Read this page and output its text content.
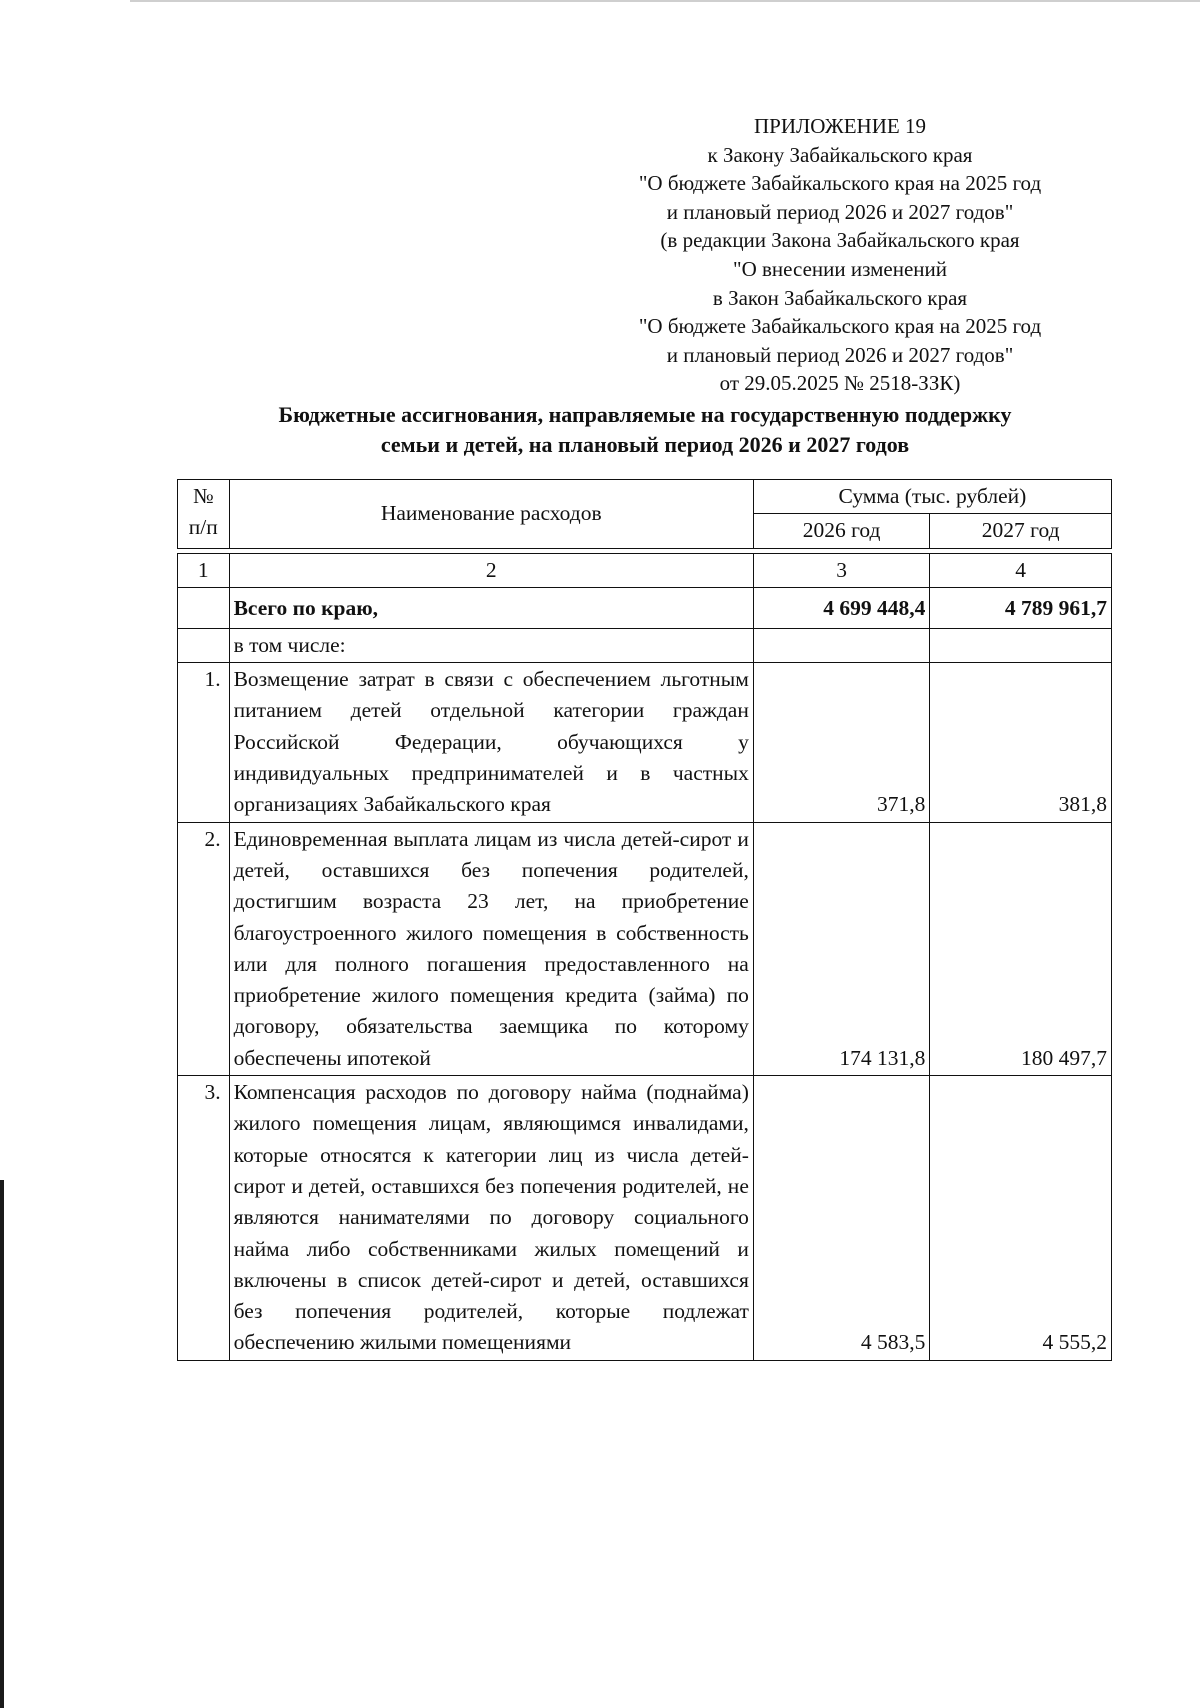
ПРИЛОЖЕНИЕ 19
к Закону Забайкальского края
"О бюджете Забайкальского края на 2025 год
и плановый период 2026 и 2027 годов"
(в редакции Закона Забайкальского края
"О внесении изменений
в Закон Забайкальского края
"О бюджете Забайкальского края на 2025 год
и плановый период 2026 и 2027 годов"
от 29.05.2025 № 2518-ЗЗК)
Бюджетные ассигнования, направляемые на государственную поддержку
семьи и детей, на плановый период 2026 и 2027 годов
№
п/п	Наименование расходов	Сумма (тыс. рублей)	
		2026 год	2027 год

1	2	3	4
	Всего по краю,	4 699 448,4	4 789 961,7
	в том числе:		
1.	Возмещение затрат в связи с обеспечением льготным питанием детей отдельной категории граждан Российской Федерации, обучающихся у индивидуальных предпринимателей и в частных организациях Забайкальского края	371,8	381,8
2.	Единовременная выплата лицам из числа детей-сирот и детей, оставшихся без попечения родителей, достигшим возраста 23 лет, на приобретение благоустроенного жилого помещения в собственность или для полного погашения предоставленного на приобретение жилого помещения кредита (займа) по договору, обязательства заемщика по которому обеспечены ипотекой	174 131,8	180 497,7
3.	Компенсация расходов по договору найма (поднайма) жилого помещения лицам, являющимся инвалидами, которые относятся к категории лиц из числа детей-сирот и детей, оставшихся без попечения родителей, не являются нанимателями по договору социального найма либо собственниками жилых помещений и включены в список детей-сирот и детей, оставшихся без попечения родителей, которые подлежат обеспечению жилыми помещениями	4 583,5	4 555,2
